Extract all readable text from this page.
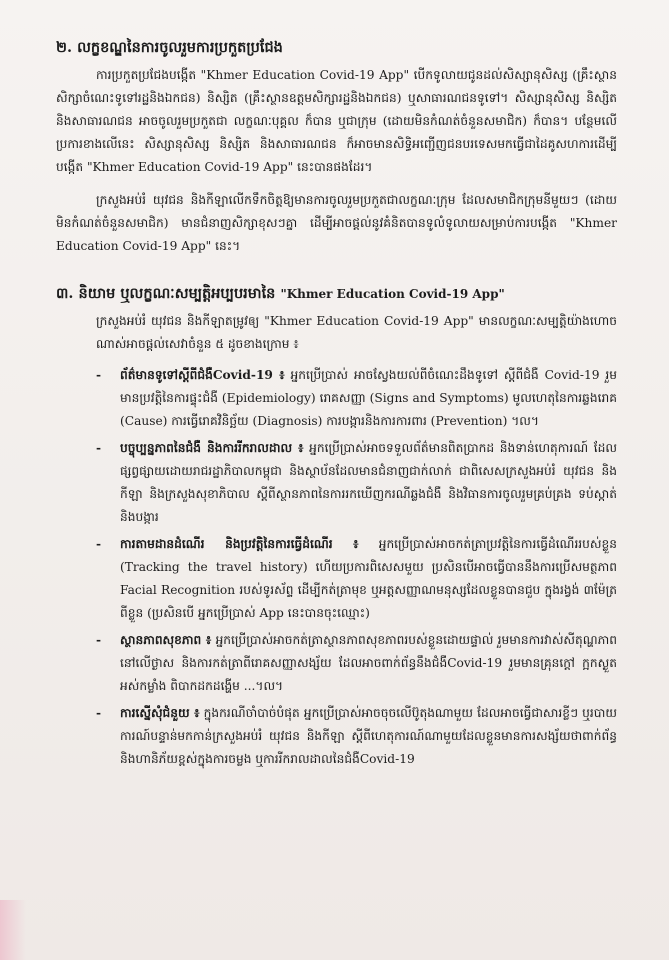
២. លក្ខខណ្ឌនៃការចូលរួមការប្រកួតប្រជែង

ការប្រកួតប្រជែងបង្កើត "Khmer Education Covid-19 App" បើកទូលាយជូនដល់សិស្សានុសិស្ស (គ្រឹះស្ថានសិក្សាចំណេះទូទៅរដ្ឋនិងឯកជន) និស្សិត (គ្រឹះស្ថានឧត្តមសិក្សារដ្ឋនិងឯកជន) ឬសាធារណជនទូទៅ។ សិស្សានុសិស្ស និស្សិត និងសាធារណជន អាចចូលរួមប្រកួតជា លក្ខណៈបុគ្គល ក៏បាន ឬជាក្រុម (ដោយមិនកំណត់ចំនួនសមាជិក) ក៏បាន។ បន្ថែមលើប្រការខាងលើនេះ សិស្សានុសិស្ស និស្សិត និងសាធារណជន ក៏អាចមានសិទ្ធិអញ្ជើញជនបរទេសមកធ្វើជាដៃគូសហការដើម្បីបង្កើត "Khmer Education Covid-19 App" នេះបានផងដែរ។

ក្រសួងអប់រំ យុវជន និងកីឡាលើកទឹកចិត្តឱ្យមានការចូលរួមប្រកួតជាលក្ខណៈក្រុម ដែលសមាជិកក្រុមនីមួយៗ (ដោយមិនកំណត់ចំនួនសមាជិក) មានជំនាញសិក្សាខុសៗគ្នា ដើម្បីអាចផ្តល់នូវគំនិតបានទូលំទូលាយសម្រាប់ការបង្កើត "Khmer Education Covid-19 App" នេះ។

៣. និយាម ឬលក្ខណៈសម្បត្តិអប្បបរមានៃ "Khmer Education Covid-19 App"

ក្រសួងអប់រំ យុវជន និងកីឡាតម្រូវឲ្យ "Khmer Education Covid-19 App" មានលក្ខណៈសម្បត្តិយ៉ាងហោចណាស់អាចផ្តល់សេវាចំនួន ៥ ដូចខាងក្រោម ៖

- ព័ត៌មានទូទៅស្តីពីជំងឺCovid-19 ៖ អ្នកប្រើប្រាស់ អាចស្វែងយល់ពីចំណេះដឹងទូទៅ ស្តីពីជំងឺ Covid-19 រួមមានប្រវត្តិនៃការផ្ទុះជំងឺ (Epidemiology) រោគសញ្ញា (Signs and Symptoms) មូលហេតុនៃការឆ្លងរោគ (Cause) ការធ្វើរោគវិនិច្ឆ័យ (Diagnosis) ការបង្ការនិងការការពារ (Prevention) ។ល។
- បច្ចុប្បន្នភាពនៃជំងឺ និងការរីករាលដាល ៖ អ្នកប្រើប្រាស់អាចទទួលព័ត៌មានពិតប្រាកដ និងទាន់ហេតុការណ៍ ដែលផ្សព្វផ្សាយដោយរាជរដ្ឋាភិបាលកម្ពុជា និងស្ថាប័នដែលមានជំនាញជាក់លាក់ ជាពិសេសក្រសួងអប់រំ យុវជន និងកីឡា និងក្រសួងសុខាភិបាល ស្តីពីស្ថានភាពនៃការរកឃើញករណីឆ្លងជំងឺ និងវិធានការចូលរួមគ្រប់គ្រង ទប់ស្កាត់ និងបង្ការ
- ការតាមដានដំណើរ និងប្រវត្តិនៃការធ្វើដំណើរ ៖ អ្នកប្រើប្រាស់អាចកត់ត្រាប្រវត្តិនៃការធ្វើដំណើររបស់ខ្លួន (Tracking the travel history) ហើយប្រការពិសេសមួយ ប្រសិនបើអាចធ្វើបាននឹងការប្រើសមត្ថភាព Facial Recognition របស់ទូរស័ព្ទ ដើម្បីកត់ត្រាមុខ ឬអត្តសញ្ញាណមនុស្សដែលខ្លួនបានជួប ក្នុងរង្វង់ ៣ម៉ែត្រ ពីខ្លួន (ប្រសិនបើ អ្នកប្រើប្រាស់ App នេះបានចុះឈ្មោះ)
- ស្ថានភាពសុខភាព ៖ អ្នកប្រើប្រាស់អាចកត់ត្រាស្ថានភាពសុខភាពរបស់ខ្លួនដោយផ្ទាល់ រួមមានការវាស់សីតុណ្ហភាពនៅលើថ្ងាស និងការកត់ត្រាពីរោគសញ្ញាសង្ស័យ ដែលអាចពាក់ព័ន្ធនឹងជំងឺCovid-19 រួមមានគ្រុនក្តៅ ក្អកស្ងួត អស់កម្លាំង ពិបាកដកដង្ហើម ...។ល។
- ការស្នើសុំជំនួយ ៖ ក្នុងករណីចាំបាច់បំផុត អ្នកប្រើប្រាស់អាចចុចលើប៊ូតុងណាមួយ ដែលអាចធ្វើជាសារខ្លីៗ ឬរបាយការណ៍បន្ទាន់មកកាន់ក្រសួងអប់រំ យុវជន និងកីឡា ស្តីពីហេតុការណ៍ណាមួយដែលខ្លួនមានការសង្ស័យថាពាក់ព័ន្ធនិងហានិភ័យខ្ពស់ក្នុងការចម្លង ឬការរីករាលដាលនៃជំងឺCovid-19
